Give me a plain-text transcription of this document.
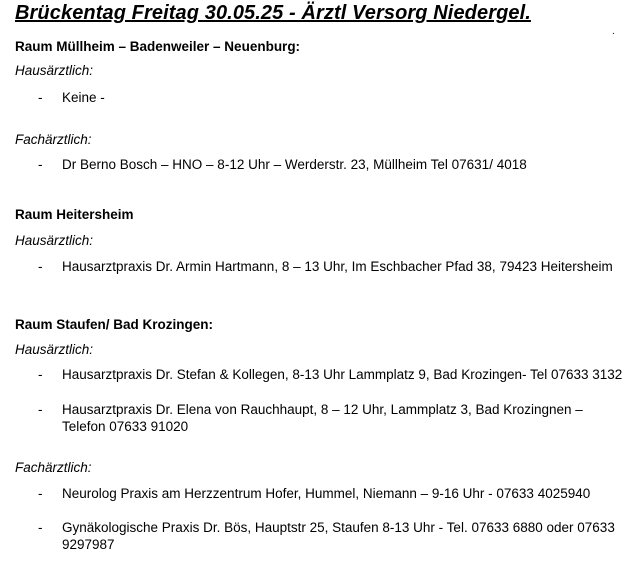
Brückentag Freitag 30.05.25 - Ärztl Versorg Niedergel.
.
Raum Müllheim – Badenweiler – Neuenburg:
Hausärztlich:
- Keine -
Fachärztlich:
- Dr Berno Bosch – HNO – 8-12 Uhr – Werderstr. 23, Müllheim Tel 07631/ 4018
Raum Heitersheim
Hausärztlich:
- Hausarztpraxis Dr. Armin Hartmann, 8 – 13 Uhr, Im Eschbacher Pfad 38, 79423 Heitersheim
Raum Staufen/ Bad Krozingen:
Hausärztlich:
- Hausarztpraxis Dr. Stefan & Kollegen, 8-13 Uhr Lammplatz 9, Bad Krozingen- Tel 07633 3132
- Hausarztpraxis Dr. Elena von Rauchhaupt, 8 – 12 Uhr, Lammplatz 3, Bad Krozingnen – Telefon 07633 91020
Fachärztlich:
- Neurolog Praxis am Herzzentrum Hofer, Hummel, Niemann – 9-16 Uhr - 07633 4025940
- Gynäkologische Praxis Dr. Bös, Hauptstr 25, Staufen 8-13 Uhr - Tel. 07633 6880 oder 07633 9297987
